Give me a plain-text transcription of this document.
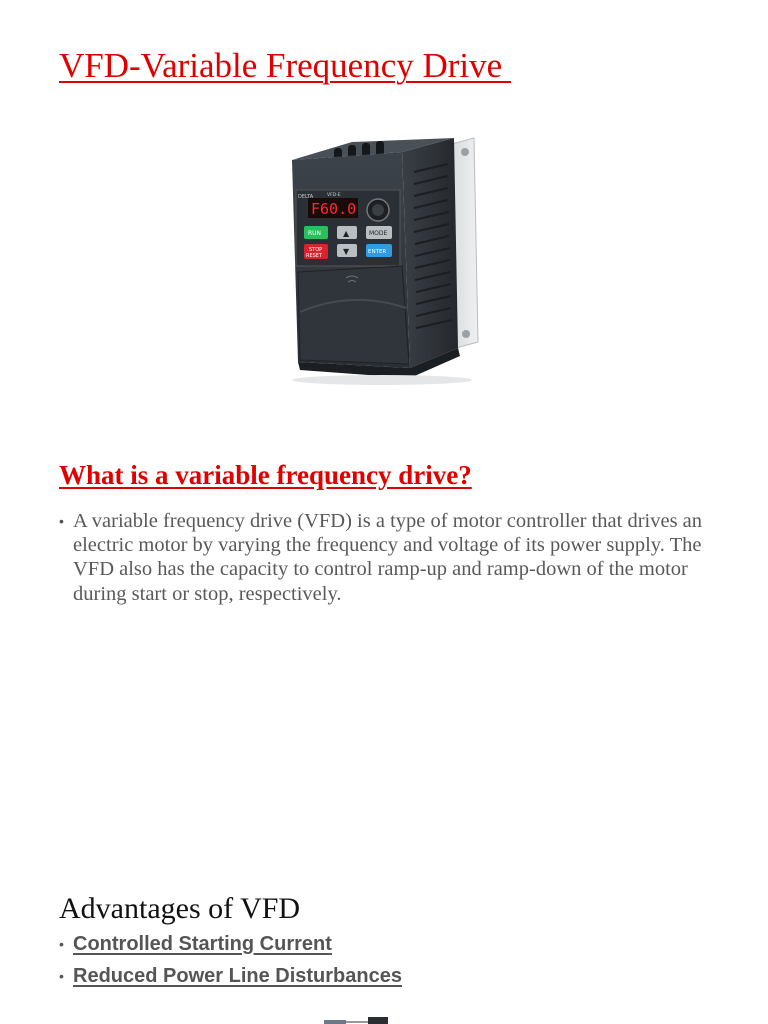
VFD-Variable Frequency Drive
F60.0
DELTA	VFD-E
RUN	▲	MODE
STOP
RESET	▼	ENTER
What is a variable frequency drive?
• A variable frequency drive (VFD) is a type of motor controller that drives an electric motor by varying the frequency and voltage of its power supply. The VFD also has the capacity to control ramp-up and ramp-down of the motor during start or stop, respectively.
Advantages of VFD
• Controlled Starting Current
• Reduced Power Line Disturbances
